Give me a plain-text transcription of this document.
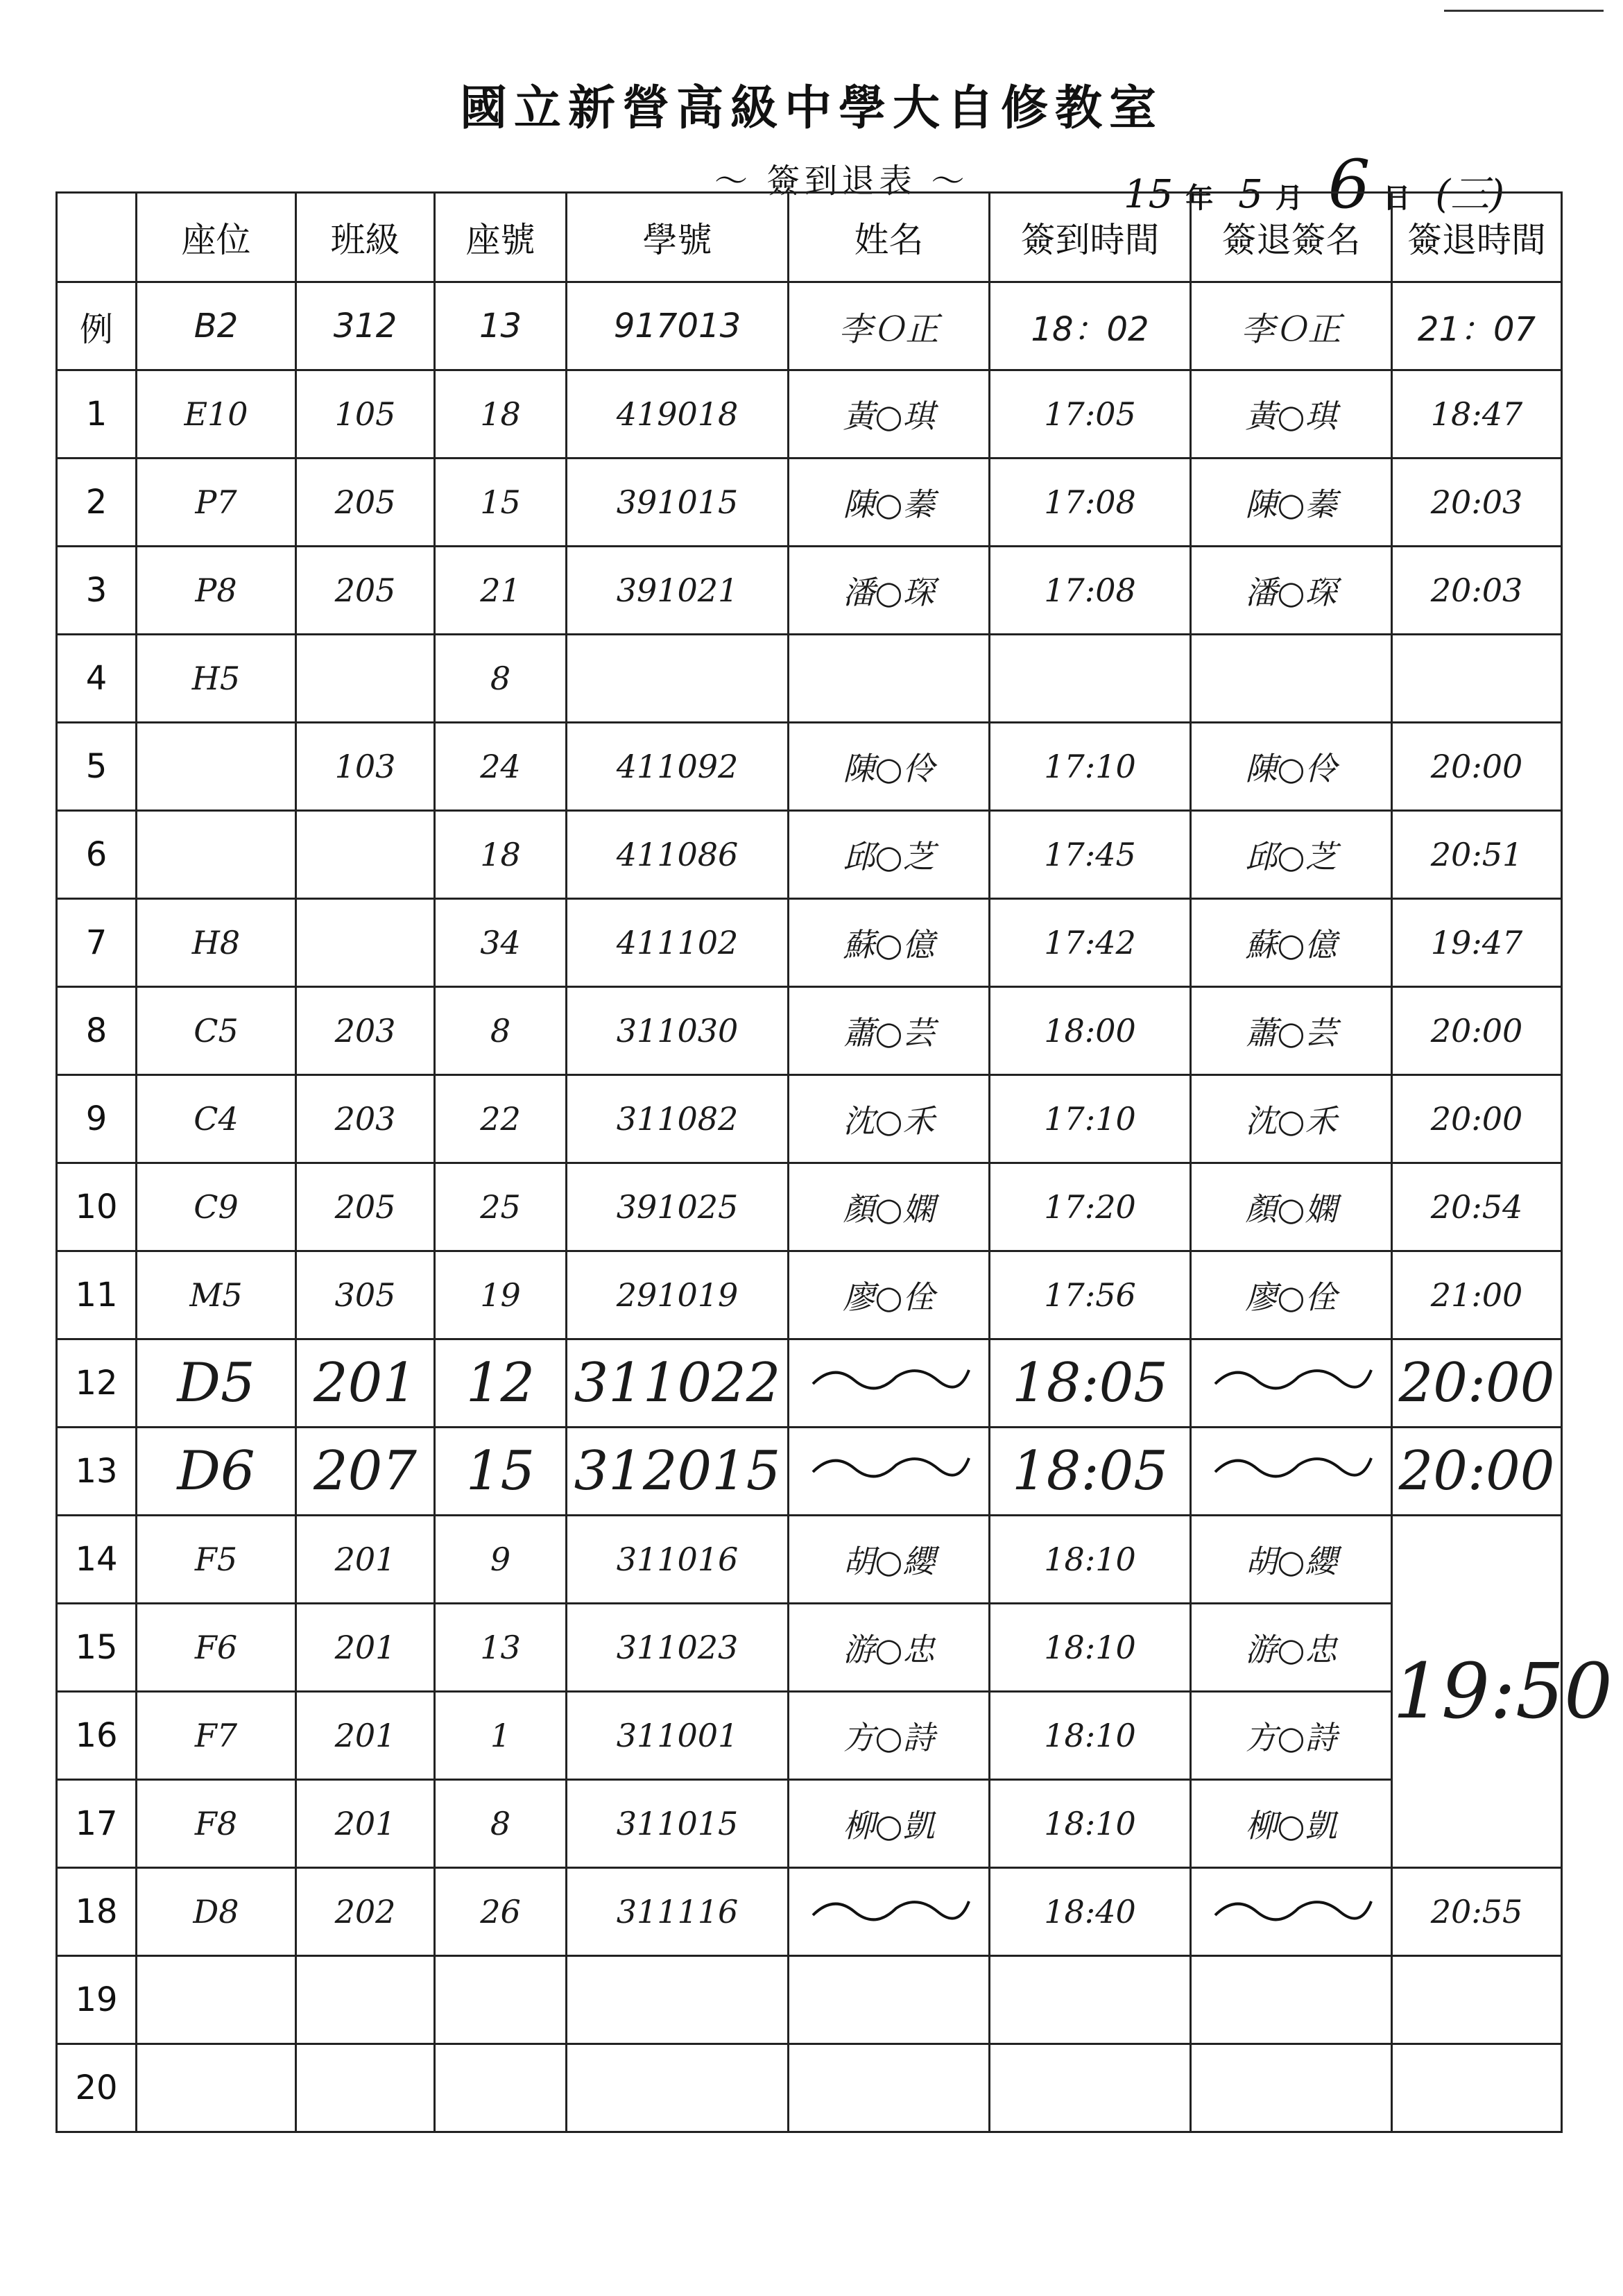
國立新營高級中學大自修教室
～ 簽到退表 ～	15 年 5 月 6 日 (三)
	座位	班級	座號	學號	姓名	簽到時間	簽退簽名	簽退時間
例	B2	312	13	917013	李Ｏ正	18：02	李Ｏ正	21：07
1	E10	105	18	419018	黃○琪	17:05	黃○琪	18:47
2	P7	205	15	391015	陳○蓁	17:08	陳○蓁	20:03
3	P8	205	21	391021	潘○琛	17:08	潘○琛	20:03
4	H5		8					
5		103	24	411092	陳○伶	17:10	陳○伶	20:00
6			18	411086	邱○芝	17:45	邱○芝	20:51
7	H8		34	411102	蘇○億	17:42	蘇○億	19:47
8	C5	203	8	311030	蕭○芸	18:00	蕭○芸	20:00
9	C4	203	22	311082	沈○禾	17:10	沈○禾	20:00
10	C9	205	25	391025	顏○嫻	17:20	顏○嫻	20:54
11	M5	305	19	291019	廖○佺	17:56	廖○佺	21:00
12	D5	201	12	311022		18:05		20:00
13	D6	207	15	312015		18:05		20:00
14	F5	201	9	311016	胡○纓	18:10	胡○纓	19:50
15	F6	201	13	311023	游○忠	18:10	游○忠	
16	F7	201	1	311001	方○詩	18:10	方○詩	
17	F8	201	8	311015	柳○凱	18:10	柳○凱	
18	D8	202	26	311116		18:40		20:55
19								
20								
